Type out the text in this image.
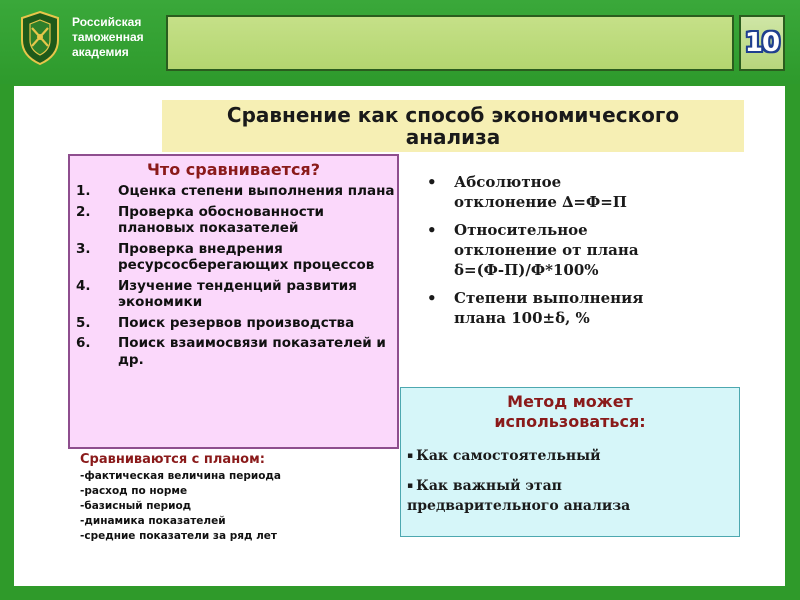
Российская
таможенная
академия	10
Сравнение как способ экономического
анализа
Что сравнивается?
1.	Оценка степени выполнения плана
2.	Проверка обоснованности плановых показателей
3.	Проверка внедрения ресурсосберегающих процессов
4.	Изучение тенденций развития экономики
5.	Поиск резервов производства
6.	Поиск взаимосвязи показателей и др.
Сравниваются с планом:
-фактическая величина периода
-расход по норме
-базисный период
-динамика показателей
-средние показатели за ряд лет
• Абсолютное
отклонение ∆=Ф=П
• Относительное
отклонение от плана
δ=(Ф-П)/Ф*100%
• Степени выполнения
плана 100±δ, %
Метод может
использоваться:
▪ Как самостоятельный
▪ Как важный этап
предварительного анализа
